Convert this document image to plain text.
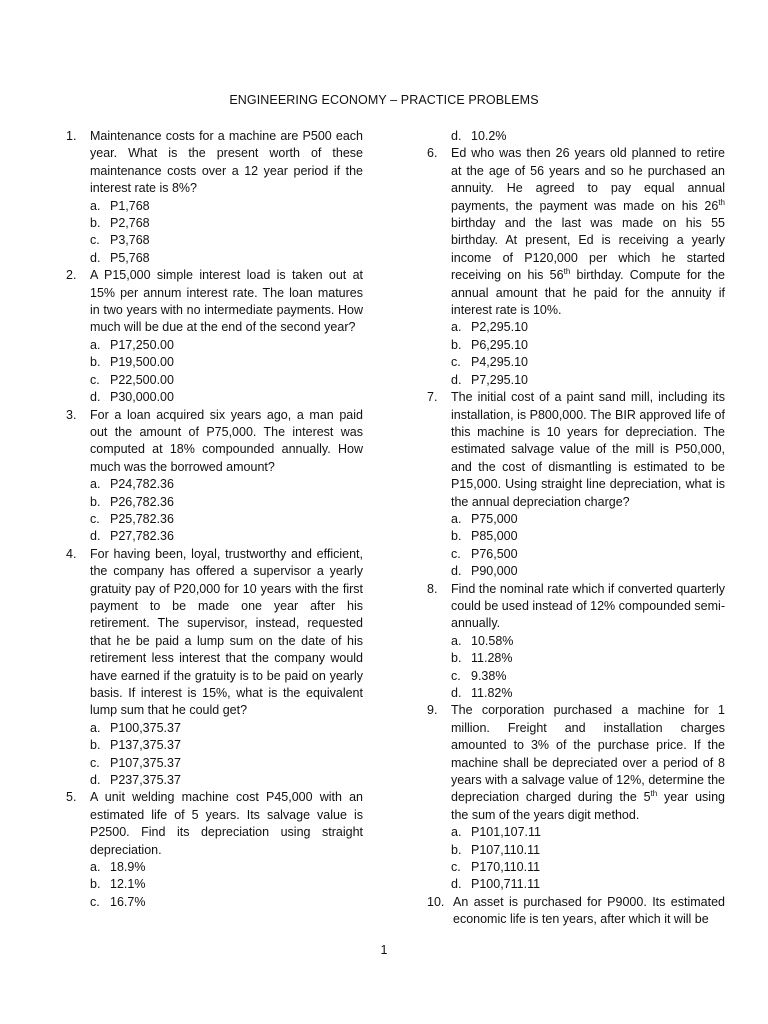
ENGINEERING ECONOMY – PRACTICE PROBLEMS
1.	Maintenance costs for a machine are P500 each year. What is the present worth of these maintenance costs over a 12 year period if the interest rate is 8%?
a. P1,768
b. P2,768
c. P3,768
d. P5,768
2.	A P15,000 simple interest load is taken out at 15% per annum interest rate. The loan matures in two years with no intermediate payments. How much will be due at the end of the second year?
a. P17,250.00
b. P19,500.00
c. P22,500.00
d. P30,000.00
3.	For a loan acquired six years ago, a man paid out the amount of P75,000. The interest was computed at 18% compounded annually. How much was the borrowed amount?
a. P24,782.36
b. P26,782.36
c. P25,782.36
d. P27,782.36
4.	For having been, loyal, trustworthy and efficient, the company has offered a supervisor a yearly gratuity pay of P20,000 for 10 years with the first payment to be made one year after his retirement. The supervisor, instead, requested that he be paid a lump sum on the date of his retirement less interest that the company would have earned if the gratuity is to be paid on yearly basis. If interest is 15%, what is the equivalent lump sum that he could get?
a. P100,375.37
b. P137,375.37
c. P107,375.37
d. P237,375.37
5.	A unit welding machine cost P45,000 with an estimated life of 5 years. Its salvage value is P2500. Find its depreciation using straight depreciation.
a. 18.9%
b. 12.1%
c. 16.7%
d. 10.2%
6.	Ed who was then 26 years old planned to retire at the age of 56 years and so he purchased an annuity. He agreed to pay equal annual payments, the payment was made on his 26th birthday and the last was made on his 55 birthday. At present, Ed is receiving a yearly income of P120,000 per which he started receiving on his 56th birthday. Compute for the annual amount that he paid for the annuity if interest rate is 10%.
a. P2,295.10
b. P6,295.10
c. P4,295.10
d. P7,295.10
7.	The initial cost of a paint sand mill, including its installation, is P800,000. The BIR approved life of this machine is 10 years for depreciation. The estimated salvage value of the mill is P50,000, and the cost of dismantling is estimated to be P15,000. Using straight line depreciation, what is the annual depreciation charge?
a. P75,000
b. P85,000
c. P76,500
d. P90,000
8.	Find the nominal rate which if converted quarterly could be used instead of 12% compounded semi-annually.
a. 10.58%
b. 11.28%
c. 9.38%
d. 11.82%
9.	The corporation purchased a machine for 1 million. Freight and installation charges amounted to 3% of the purchase price. If the machine shall be depreciated over a period of 8 years with a salvage value of 12%, determine the depreciation charged during the 5th year using the sum of the years digit method.
a. P101,107.11
b. P107,110.11
c. P170,110.11
d. P100,711.11
10. An asset is purchased for P9000. Its estimated economic life is ten years, after which it will be
1
